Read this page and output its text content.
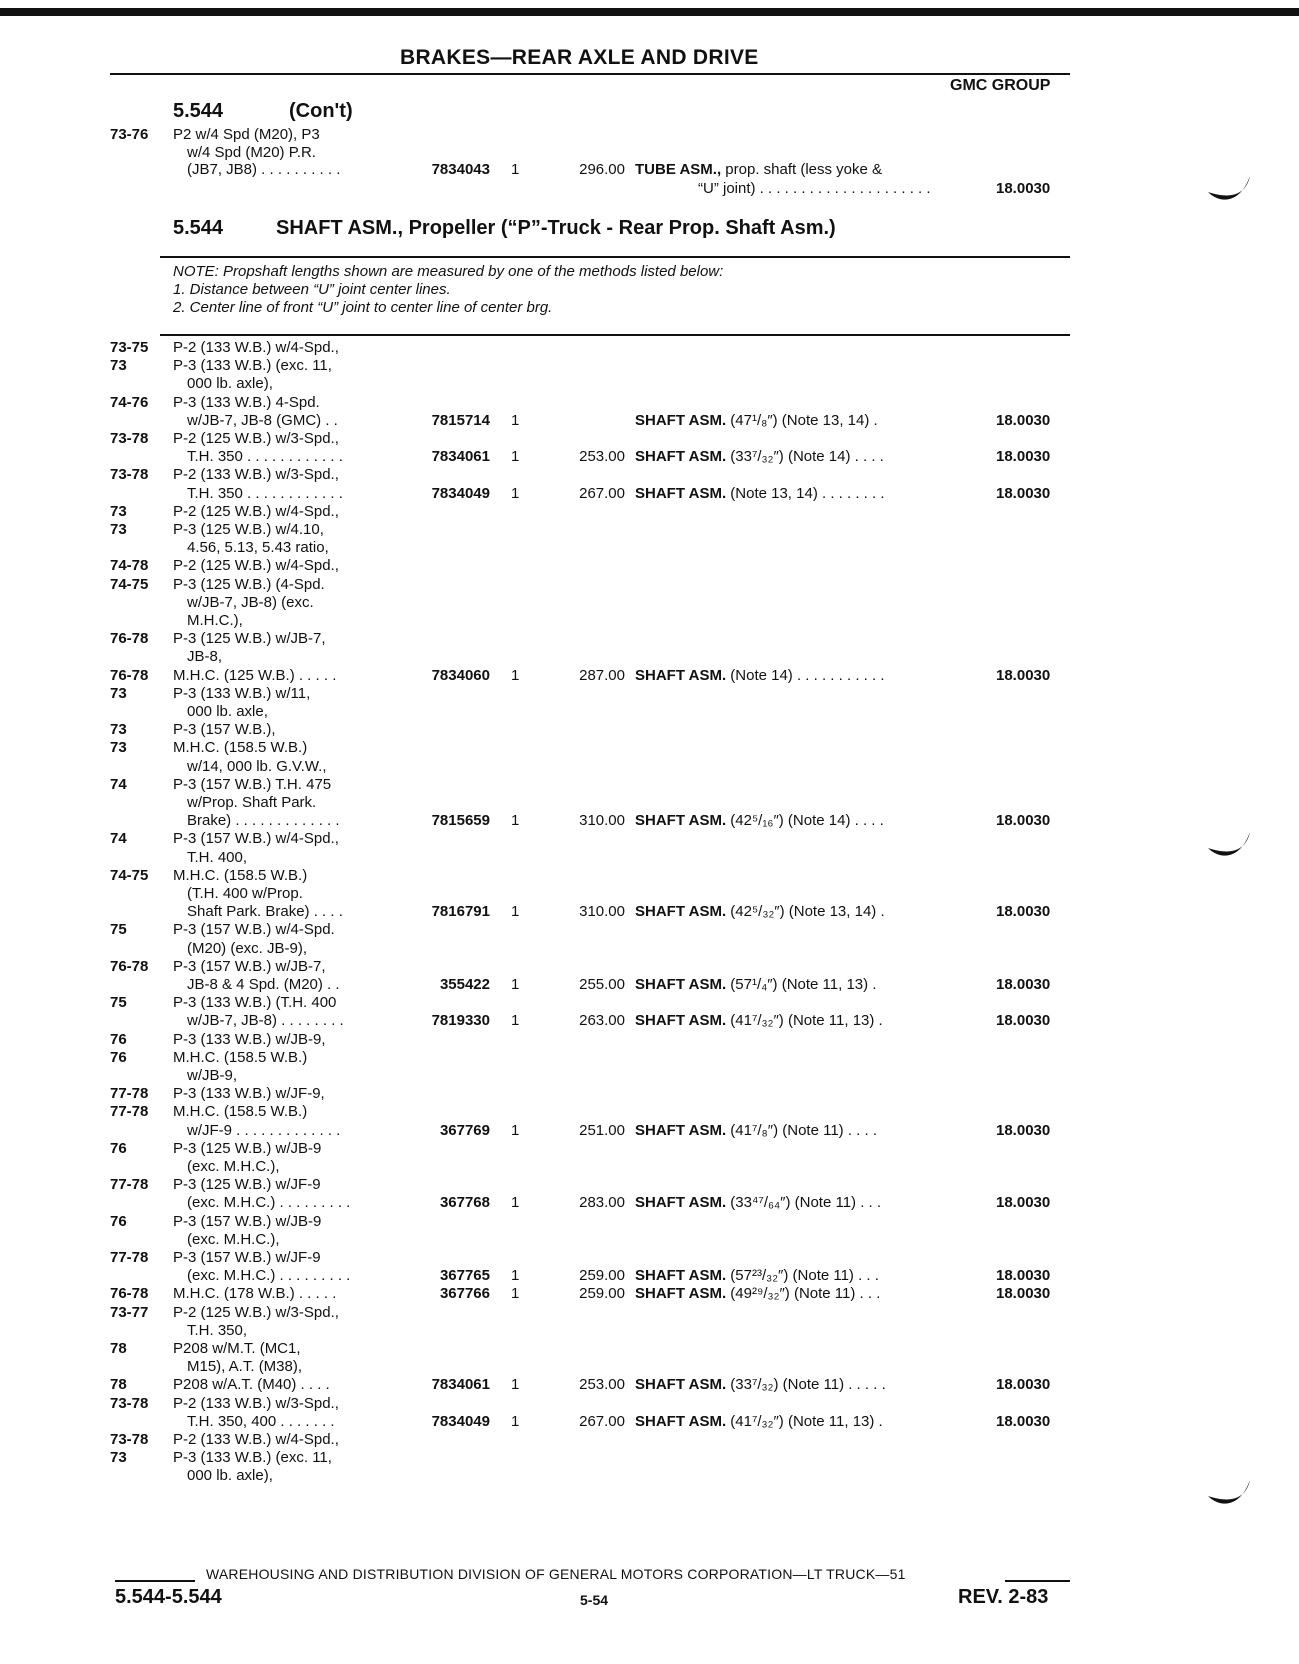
BRAKES—REAR AXLE AND DRIVE
GMC GROUP
5.544	(Con't)
73-76 P2 w/4 Spd (M20), P3
w/4 Spd (M20) P.R.
(JB7, JB8) . . . . . . . . . .	7834043 1	296.00 TUBE ASM., prop. shaft (less yoke &
“U” joint) . . . . . . . . . . . . . . . . . . . . .	18.0030
5.544	SHAFT ASM., Propeller (“P”-Truck - Rear Prop. Shaft Asm.)
NOTE: Propshaft lengths shown are measured by one of the methods listed below:
1. Distance between “U” joint center lines.
2. Center line of front “U” joint to center line of center brg.
73-75 P-2 (133 W.B.) w/4-Spd.,
73	P-3 (133 W.B.) (exc. 11,
000 lb. axle),
74-76 P-3 (133 W.B.) 4-Spd.
w/JB-7, JB-8 (GMC) . .	7815714 1	SHAFT ASM. (47¹/₈″) (Note 13, 14) .	18.0030
73-78 P-2 (125 W.B.) w/3-Spd.,
T.H. 350 . . . . . . . . . . . .	7834061 1	253.00 SHAFT ASM. (33⁷/₃₂″) (Note 14) . . . .	18.0030
73-78 P-2 (133 W.B.) w/3-Spd.,
T.H. 350 . . . . . . . . . . . .	7834049 1	267.00 SHAFT ASM. (Note 13, 14) . . . . . . . .	18.0030
73	P-2 (125 W.B.) w/4-Spd.,
73	P-3 (125 W.B.) w/4.10,
4.56, 5.13, 5.43 ratio,
74-78 P-2 (125 W.B.) w/4-Spd.,
74-75 P-3 (125 W.B.) (4-Spd.
w/JB-7, JB-8) (exc.
M.H.C.),
76-78 P-3 (125 W.B.) w/JB-7,
JB-8,
76-78 M.H.C. (125 W.B.) . . . . .	7834060 1	287.00 SHAFT ASM. (Note 14) . . . . . . . . . . .	18.0030
73	P-3 (133 W.B.) w/11,
000 lb. axle,
73	P-3 (157 W.B.),
73	M.H.C. (158.5 W.B.)
w/14, 000 lb. G.V.W.,
74	P-3 (157 W.B.) T.H. 475
w/Prop. Shaft Park.
Brake) . . . . . . . . . . . . .	7815659 1	310.00 SHAFT ASM. (42⁵/₁₆″) (Note 14) . . . .	18.0030
74	P-3 (157 W.B.) w/4-Spd.,
T.H. 400,
74-75 M.H.C. (158.5 W.B.)
(T.H. 400 w/Prop.
Shaft Park. Brake) . . . .	7816791 1	310.00 SHAFT ASM. (42⁵/₃₂″) (Note 13, 14) .	18.0030
75	P-3 (157 W.B.) w/4-Spd.
(M20) (exc. JB-9),
76-78 P-3 (157 W.B.) w/JB-7,
JB-8 & 4 Spd. (M20) . .	355422 1	255.00 SHAFT ASM. (57¹/₄″) (Note 11, 13) .	18.0030
75	P-3 (133 W.B.) (T.H. 400
w/JB-7, JB-8) . . . . . . . .	7819330 1	263.00 SHAFT ASM. (41⁷/₃₂″) (Note 11, 13) .	18.0030
76	P-3 (133 W.B.) w/JB-9,
76	M.H.C. (158.5 W.B.)
w/JB-9,
77-78 P-3 (133 W.B.) w/JF-9,
77-78 M.H.C. (158.5 W.B.)
w/JF-9 . . . . . . . . . . . . .	367769 1	251.00 SHAFT ASM. (41⁷/₈″) (Note 11) . . . .	18.0030
76	P-3 (125 W.B.) w/JB-9
(exc. M.H.C.),
77-78 P-3 (125 W.B.) w/JF-9
(exc. M.H.C.) . . . . . . . . .	367768 1	283.00 SHAFT ASM. (33⁴⁷/₆₄″) (Note 11) . . .	18.0030
76	P-3 (157 W.B.) w/JB-9
(exc. M.H.C.),
77-78 P-3 (157 W.B.) w/JF-9
(exc. M.H.C.) . . . . . . . . .	367765 1	259.00 SHAFT ASM. (57²³/₃₂″) (Note 11) . . .	18.0030
76-78 M.H.C. (178 W.B.) . . . . .	367766 1	259.00 SHAFT ASM. (49²⁹/₃₂″) (Note 11) . . .	18.0030
73-77 P-2 (125 W.B.) w/3-Spd.,
T.H. 350,
78	P208 w/M.T. (MC1,
M15), A.T. (M38),
78	P208 w/A.T. (M40) . . . .	7834061 1	253.00 SHAFT ASM. (33⁷/₃₂) (Note 11) . . . . .	18.0030
73-78 P-2 (133 W.B.) w/3-Spd.,
T.H. 350, 400 . . . . . . .	7834049 1	267.00 SHAFT ASM. (41⁷/₃₂″) (Note 11, 13) .	18.0030
73-78 P-2 (133 W.B.) w/4-Spd.,
73	P-3 (133 W.B.) (exc. 11,
000 lb. axle),
WAREHOUSING AND DISTRIBUTION DIVISION OF GENERAL MOTORS CORPORATION—LT TRUCK—51
5.544-5.544	5-54	REV. 2-83
